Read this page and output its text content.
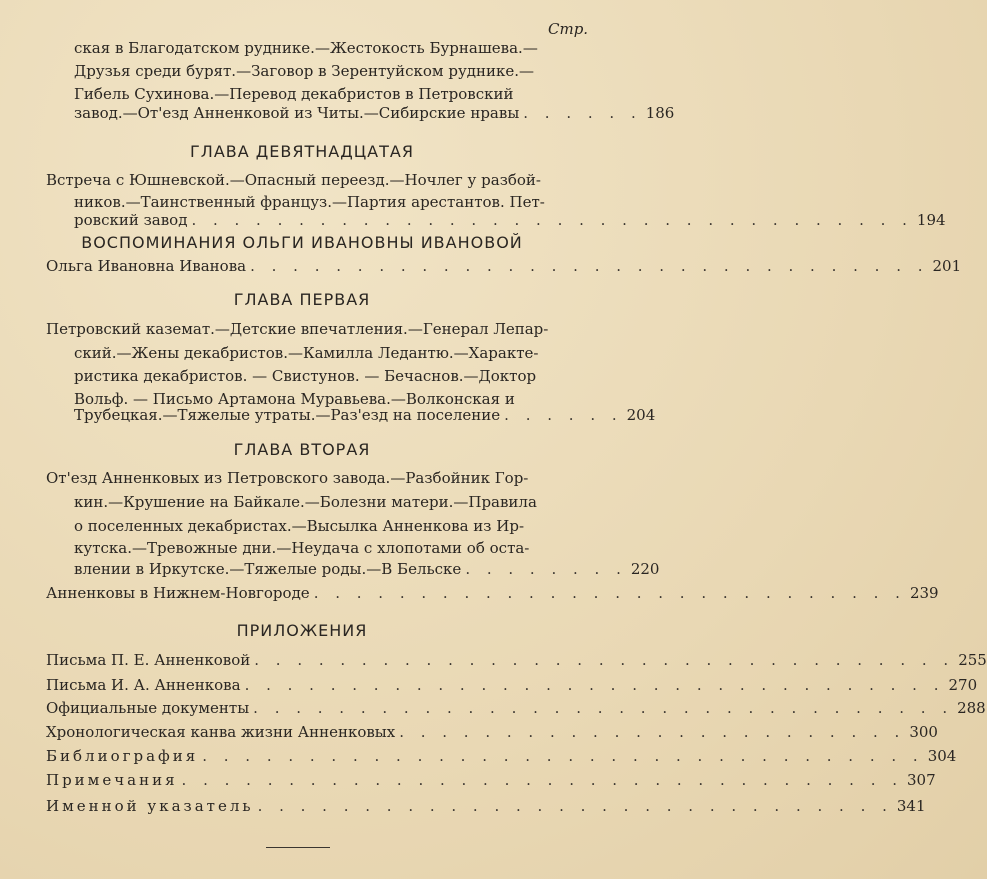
Стр.
ская в Благодатском руднике.—Жестокость Бурнашева.—
Друзья среди бурят.—Заговор в Зерентуйском руднике.—
Гибель Сухинова.—Перевод декабристов в Петровский
завод.—От'езд Анненковой из Читы.—Сибирские нравы . . . . . . 186
ГЛАВА ДЕВЯТНАДЦАТАЯ
Встреча с Юшневской.—Опасный переезд.—Ночлег у разбой-
ников.—Таинственный француз.—Партия арестантов. Пет-
ровский завод . . . . . . . . . . . . . . . . . . . . . . . . . . . . . . . . . . 194
ВОСПОМИНАНИЯ ОЛЬГИ ИВАНОВНЫ ИВАНОВОЙ
Ольга Ивановна Иванова . . . . . . . . . . . . . . . . . . . . . . . . . . . . . . . . 201
ГЛАВА ПЕРВАЯ
Петровский каземат.—Детские впечатления.—Генерал Лепар-
ский.—Жены декабристов.—Камилла Ледантю.—Характе-
ристика декабристов. — Свистунов. — Бечаснов.—Доктор
Вольф. — Письмо Артамона Муравьева.—Волконская и
Трубецкая.—Тяжелые утраты.—Раз'езд на поселение . . . . . . 204
ГЛАВА ВТОРАЯ
От'езд Анненковых из Петровского завода.—Разбойник Гор-
кин.—Крушение на Байкале.—Болезни матери.—Правила
о поселенных декабристах.—Высылка Анненкова из Ир-
кутска.—Тревожные дни.—Неудача с хлопотами об оста-
влении в Иркутске.—Тяжелые роды.—В Бельске . . . . . . . . 220
Анненковы в Нижнем-Новгороде . . . . . . . . . . . . . . . . . . . . . . . . . . . . 239
ПРИЛОЖЕНИЯ
Письма П. Е. Анненковой . . . . . . . . . . . . . . . . . . . . . . . . . . . . . . . . . 255
Письма И. А. Анненкова . . . . . . . . . . . . . . . . . . . . . . . . . . . . . . . . . 270
Официальные документы . . . . . . . . . . . . . . . . . . . . . . . . . . . . . . . . . 288
Хронологическая канва жизни Анненковых . . . . . . . . . . . . . . . . . . . . . . . . 300
Библиография . . . . . . . . . . . . . . . . . . . . . . . . . . . . . . . . . . 304
Примечания . . . . . . . . . . . . . . . . . . . . . . . . . . . . . . . . . . 307
Именной указатель . . . . . . . . . . . . . . . . . . . . . . . . . . . . . . 341
